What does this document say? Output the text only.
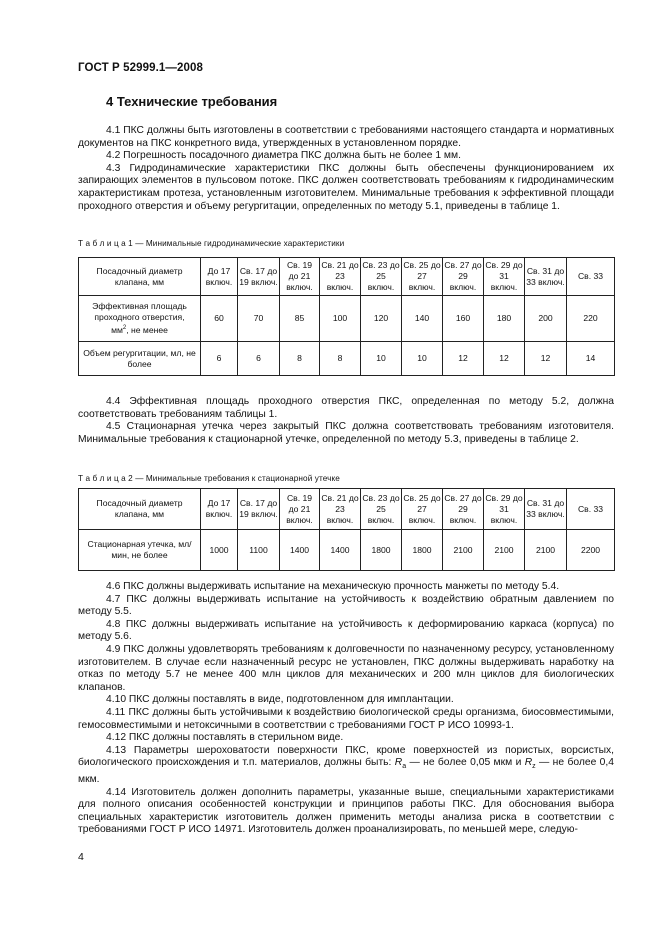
ГОСТ Р 52999.1—2008
4 Технические требования

4.1 ПКС должны быть изготовлены в соответствии с требованиями настоящего стандарта и нормативных документов на ПКС конкретного вида, утвержденных в установленном порядке.

4.2 Погрешность посадочного диаметра ПКС должна быть не более 1 мм.

4.3 Гидродинамические характеристики ПКС должны быть обеспечены функционированием их запирающих элементов в пульсовом потоке. ПКС должен соответствовать требованиям к гидродинамическим характеристикам протеза, установленным изготовителем. Минимальные требования к эффективной площади проходного отверстия и объему регургитации, определенных по методу 5.1, приведены в таблице 1.

Т а б л и ц а 1 — Минимальные гидродинамические характеристики
Посадочный диаметр клапана, мм	До 17 включ.	Св. 17 до 19 включ.	Св. 19 до 21 включ.	Св. 21 до 23 включ.	Св. 23 до 25 включ.	Св. 25 до 27 включ.	Св. 27 до 29 включ.	Св. 29 до 31 включ.	Св. 31 до 33 включ.	Св. 33
Эффективная площадь проходного отверстия,
$мм^2$, не менее	60	70	85	100	120	140	160	180	200	220
Объем регургитации, мл, не более	6	6	8	8	10	10	12	12	12	14

4.4 Эффективная площадь проходного отверстия ПКС, определенная по методу 5.2, должна соответствовать требованиям таблицы 1.

4.5 Стационарная утечка через закрытый ПКС должна соответствовать требованиям изготовителя. Минимальные требования к стационарной утечке, определенной по методу 5.3, приведены в таблице 2.

Т а б л и ц а 2 — Минимальные требования к стационарной утечке
Посадочный диаметр клапана, мм	До 17 включ.	Св. 17 до 19 включ.	Св. 19 до 21 включ.	Св. 21 до 23 включ.	Св. 23 до 25 включ.	Св. 25 до 27 включ.	Св. 27 до 29 включ.	Св. 29 до 31 включ.	Св. 31 до 33 включ.	Св. 33
Стационарная утечка, мл/мин, не более	1000	1100	1400	1400	1800	1800	2100	2100	2100	2200

4.6 ПКС должны выдерживать испытание на механическую прочность манжеты по методу 5.4.

4.7 ПКС должны выдерживать испытание на устойчивость к воздействию обратным давлением по методу 5.5.

4.8 ПКС должны выдерживать испытание на устойчивость к деформированию каркаса (корпуса) по методу 5.6.

4.9 ПКС должны удовлетворять требованиям к долговечности по назначенному ресурсу, установленному изготовителем. В случае если назначенный ресурс не установлен, ПКС должны выдерживать наработку на отказ по методу 5.7 не менее 400 млн циклов для механических и 200 млн циклов для биологических клапанов.

4.10 ПКС должны поставлять в виде, подготовленном для имплантации.

4.11 ПКС должны быть устойчивыми к воздействию биологической среды организма, биосовместимыми, гемосовместимыми и нетоксичными в соответствии с требованиями ГОСТ Р ИСО 10993-1.

4.12 ПКС должны поставлять в стерильном виде.

4.13 Параметры шероховатости поверхности ПКС, кроме поверхностей из пористых, ворсистых, биологического происхождения и т.п. материалов, должны быть: $R_a$ — не более 0,05 мкм и $R_z$ — не более 0,4 мкм.

4.14 Изготовитель должен дополнить параметры, указанные выше, специальными характеристиками для полного описания особенностей конструкции и принципов работы ПКС. Для обоснования выбора специальных характеристик изготовитель должен применить методы анализа риска в соответствии с требованиями ГОСТ Р ИСО 14971. Изготовитель должен проанализировать, по меньшей мере, следую-

4
